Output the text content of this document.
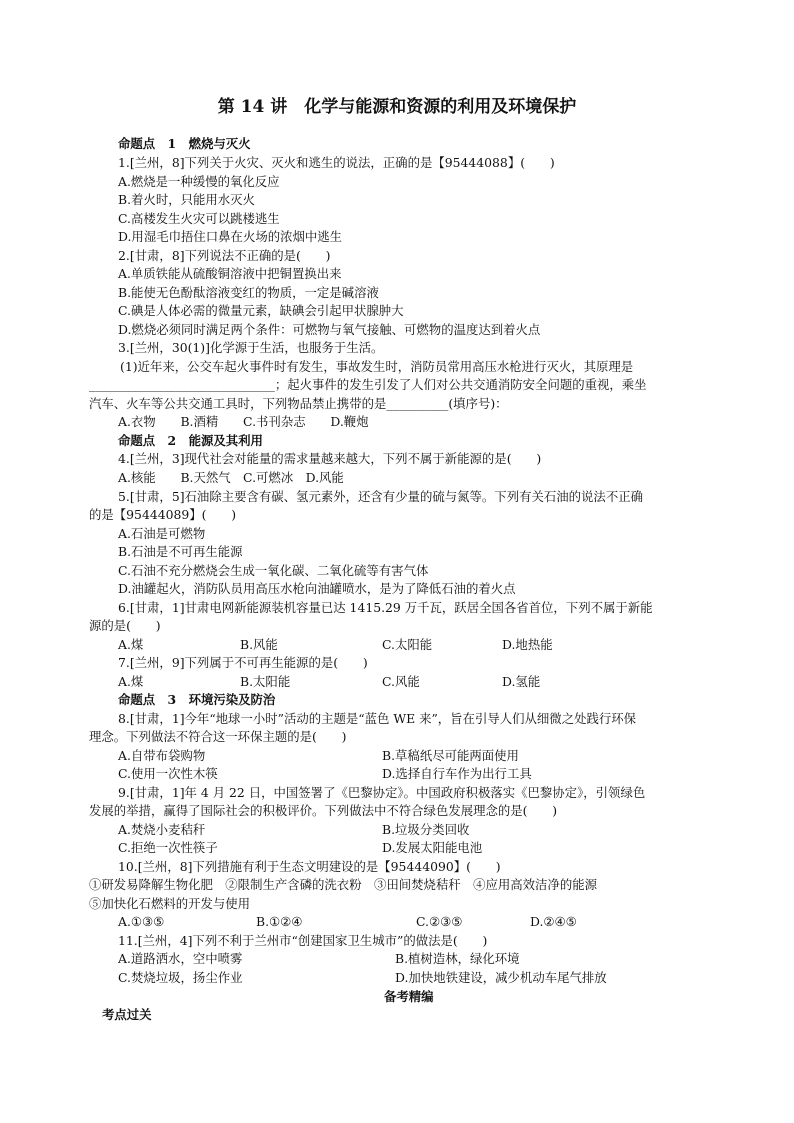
第 14 讲　化学与能源和资源的利用及环境保护
命题点　1　燃烧与灭火
1.[兰州，8]下列关于火灾、灭火和逃生的说法，正确的是【95444088】(　　)
A.燃烧是一种缓慢的氧化反应
B.着火时，只能用水灭火
C.高楼发生火灾可以跳楼逃生
D.用湿毛巾捂住口鼻在火场的浓烟中逃生
2.[甘肃，8]下列说法不正确的是(　　)
A.单质铁能从硫酸铜溶液中把铜置换出来
B.能使无色酚酞溶液变红的物质，一定是碱溶液
C.碘是人体必需的微量元素，缺碘会引起甲状腺肿大
D.燃烧必须同时满足两个条件：可燃物与氧气接触、可燃物的温度达到着火点
3.[兰州，30(1)]化学源于生活，也服务于生活。
(1)近年来，公交车起火事件时有发生，事故发生时，消防员常用高压水枪进行灭火，其原理是
______________________________；起火事件的发生引发了人们对公共交通消防安全问题的重视，乘坐
汽车、火车等公共交通工具时，下列物品禁止携带的是__________(填序号)：
A.衣物　　B.酒精　　C.书刊杂志　　D.鞭炮
命题点　2　能源及其利用
4.[兰州，3]现代社会对能量的需求量越来越大，下列不属于新能源的是(　　)
A.核能　　B.天然气　C.可燃冰　D.风能
5.[甘肃，5]石油除主要含有碳、氢元素外，还含有少量的硫与氮等。下列有关石油的说法不正确
的是【95444089】(　　)
A.石油是可燃物
B.石油是不可再生能源
C.石油不充分燃烧会生成一氧化碳、二氧化硫等有害气体
D.油罐起火，消防队员用高压水枪向油罐喷水，是为了降低石油的着火点
6.[甘肃，1]甘肃电网新能源装机容量已达 1415.29 万千瓦，跃居全国各省首位，下列不属于新能
源的是(　　)
A.煤	B.风能	C.太阳能	D.地热能
7.[兰州，9]下列属于不可再生能源的是(　　)
A.煤	B.太阳能	C.风能	D.氢能
命题点　3　环境污染及防治
8.[甘肃，1]今年“地球一小时”活动的主题是“蓝色 WE 来”，旨在引导人们从细微之处践行环保
理念。下列做法不符合这一环保主题的是(　　)
A.自带布袋购物	B.草稿纸尽可能两面使用
C.使用一次性木筷	D.选择自行车作为出行工具
9.[甘肃，1]年 4 月 22 日，中国签署了《巴黎协定》。中国政府积极落实《巴黎协定》，引领绿色
发展的举措，赢得了国际社会的积极评价。下列做法中不符合绿色发展理念的是(　　)
A.焚烧小麦秸秆	B.垃圾分类回收
C.拒绝一次性筷子	D.发展太阳能电池
10.[兰州，8]下列措施有利于生态文明建设的是【95444090】(　　)
①研发易降解生物化肥　②限制生产含磷的洗衣粉　③田间焚烧秸秆　④应用高效洁净的能源
⑤加快化石燃料的开发与使用
A.①③⑤	B.①②④	C.②③⑤	D.②④⑤
11.[兰州，4]下列不利于兰州市“创建国家卫生城市”的做法是(　　)
A.道路洒水，空中喷雾	B.植树造林，绿化环境
C.焚烧垃圾，扬尘作业	D.加快地铁建设，减少机动车尾气排放
备考精编
考点过关
